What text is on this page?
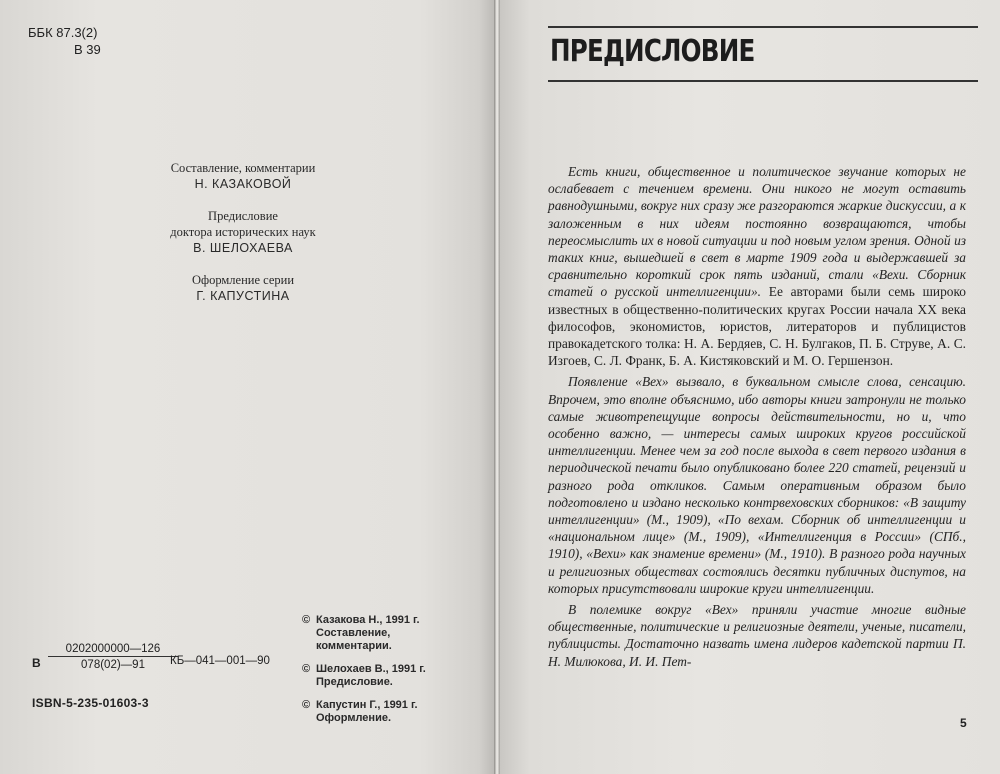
ББК 87.3(2)
В 39
Составление, комментарии
Н. КАЗАКОВОЙ
Предисловие
доктора исторических наук
В. ШЕЛОХАЕВА
Оформление серии
Г. КАПУСТИНА
В $\frac{0202000000—126}{078(02)—91}$
КБ—041—001—90
ISBN-5-235-01603-3
© Казакова Н., 1991 г.
Составление,
комментарии.
© Шелохаев В., 1991 г.
Предисловие.
© Капустин Г., 1991 г.
Оформление.
ПРЕДИСЛОВИЕ

Есть книги, общественное и политическое звучание которых не ослабевает с течением времени. Они никого не могут оставить равнодушными, вокруг них сразу же разгораются жаркие дискуссии, а к заложенным в них идеям постоянно возвращаются, чтобы переосмыслить их в новой ситуации и под новым углом зрения. Одной из таких книг, вышедшей в свет в марте 1909 года и выдержавшей за сравнительно короткий срок пять изданий, стали «Вехи. Сборник статей о русской интеллигенции». Ее авторами были семь широко известных в общественно-политических кругах России начала XX века философов, экономистов, юристов, литераторов и публицистов правокадетского толка: Н. А. Бердяев, С. Н. Булгаков, П. Б. Струве, А. С. Изгоев, С. Л. Франк, Б. А. Кистяковский и М. О. Гершензон.

Появление «Вех» вызвало, в буквальном смысле слова, сенсацию. Впрочем, это вполне объяснимо, ибо авторы книги затронули не только самые животрепещущие вопросы действительности, но и, что особенно важно, — интересы самых широких кругов российской интеллигенции. Менее чем за год после выхода в свет первого издания в периодической печати было опубликовано более 220 статей, рецензий и разного рода откликов. Самым оперативным образом было подготовлено и издано несколько контрвеховских сборников: «В защиту интеллигенции» (М., 1909), «По вехам. Сборник об интеллигенции и «национальном лице» (М., 1909), «Интеллигенция в России» (СПб., 1910), «Вехи» как знамение времени» (М., 1910). В разного рода научных и религиозных обществах состоялись десятки публичных диспутов, на которых присутствовали широкие круги интеллигенции.

В полемике вокруг «Вех» приняли участие многие видные общественные, политические и религиозные деятели, ученые, писатели, публицисты. Достаточно назвать имена лидеров кадетской партии П. Н. Милюкова, И. И. Пет-

5
